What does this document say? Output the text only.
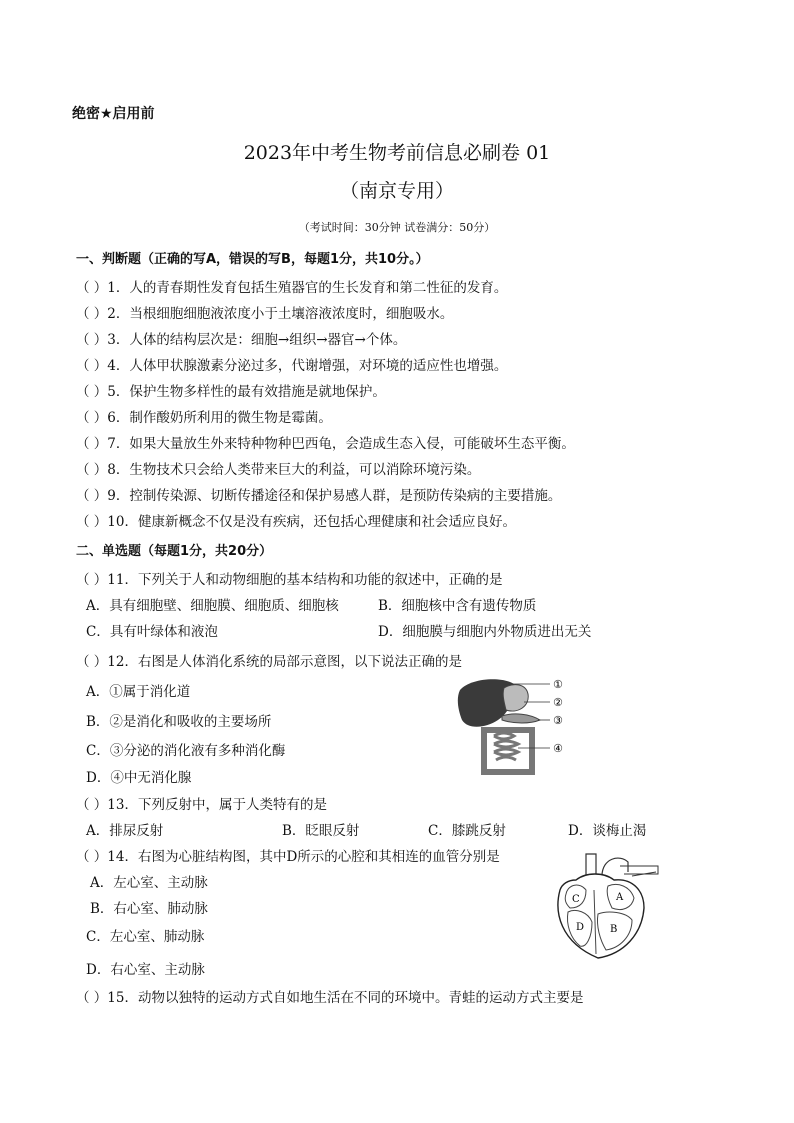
绝密★启用前
2023年中考生物考前信息必刷卷 01
（南京专用）
（考试时间：30分钟 试卷满分：50分）
一、判断题（正确的写A，错误的写B，每题1分，共10分。）
（ ）1．人的青春期性发育包括生殖器官的生长发育和第二性征的发育。
（ ）2．当根细胞细胞液浓度小于土壤溶液浓度时，细胞吸水。
（ ）3．人体的结构层次是：细胞→组织→器官→个体。
（ ）4．人体甲状腺激素分泌过多，代谢增强，对环境的适应性也增强。
（ ）5．保护生物多样性的最有效措施是就地保护。
（ ）6．制作酸奶所利用的微生物是霉菌。
（ ）7．如果大量放生外来特种物种巴西龟，会造成生态入侵，可能破坏生态平衡。
（ ）8．生物技术只会给人类带来巨大的利益，可以消除环境污染。
（ ）9．控制传染源、切断传播途径和保护易感人群，是预防传染病的主要措施。
（ ）10．健康新概念不仅是没有疾病，还包括心理健康和社会适应良好。
二、单选题（每题1分，共20分）
（ ）11．下列关于人和动物细胞的基本结构和功能的叙述中，正确的是
A．具有细胞壁、细胞膜、细胞质、细胞核	B．细胞核中含有遗传物质
C．具有叶绿体和液泡	D．细胞膜与细胞内外物质进出无关
（ ）12．右图是人体消化系统的局部示意图，以下说法正确的是
A．①属于消化道
B．②是消化和吸收的主要场所
C．③分泌的消化液有多种消化酶
D．④中无消化腺
①
②
③
④
（ ）13．下列反射中，属于人类特有的是
A．排尿反射	B．眨眼反射	C．膝跳反射	D．谈梅止渴
（ ）14．右图为心脏结构图，其中D所示的心腔和其相连的血管分别是
A．左心室、主动脉
B．右心室、肺动脉
C．左心室、肺动脉
D．右心室、主动脉
C	A
D	B
（ ）15．动物以独特的运动方式自如地生活在不同的环境中。青蛙的运动方式主要是
